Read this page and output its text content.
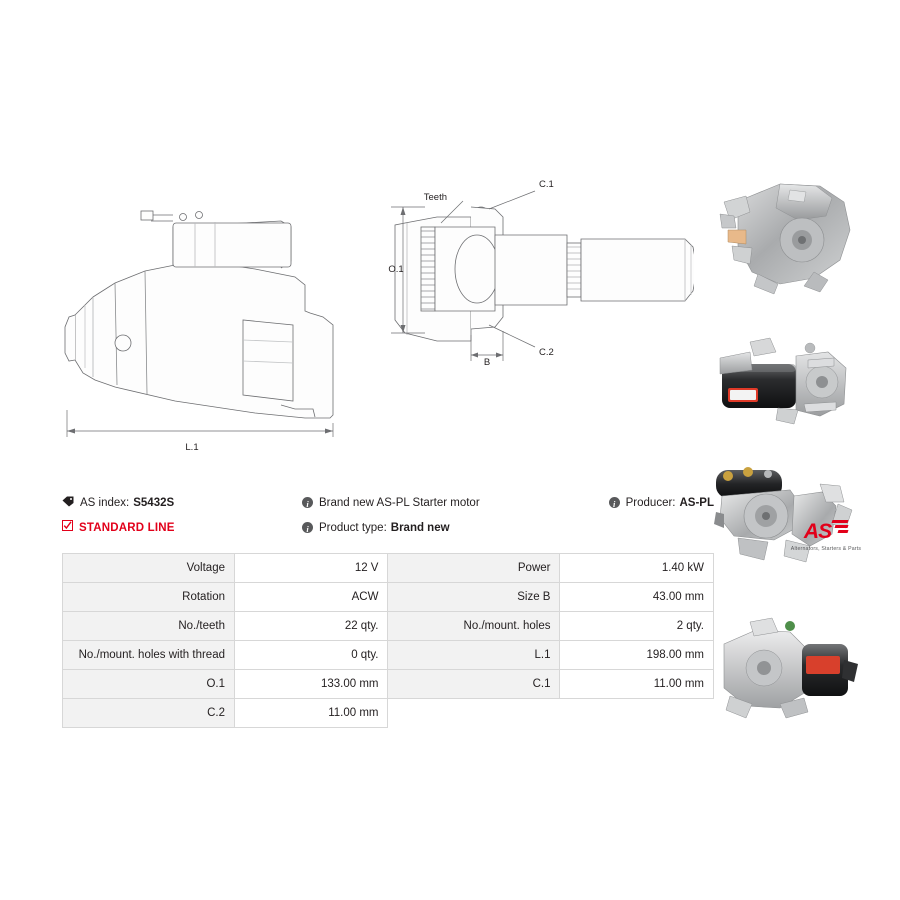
L.1
O.1
B
Teeth
C.1
C.2
AS index: S5432S
STANDARD LINE
i Brand new AS-PL Starter motor
i Product type: Brand new
i Producer: AS-PL
AS
Alternators, Starters & Parts
Voltage	12 V	Power	1.40 kW
Rotation	ACW	Size B	43.00 mm
No./teeth	22 qty.	No./mount. holes	2 qty.
No./mount. holes with thread	0 qty.	L.1	198.00 mm
O.1	133.00 mm	C.1	11.00 mm
C.2	11.00 mm		
